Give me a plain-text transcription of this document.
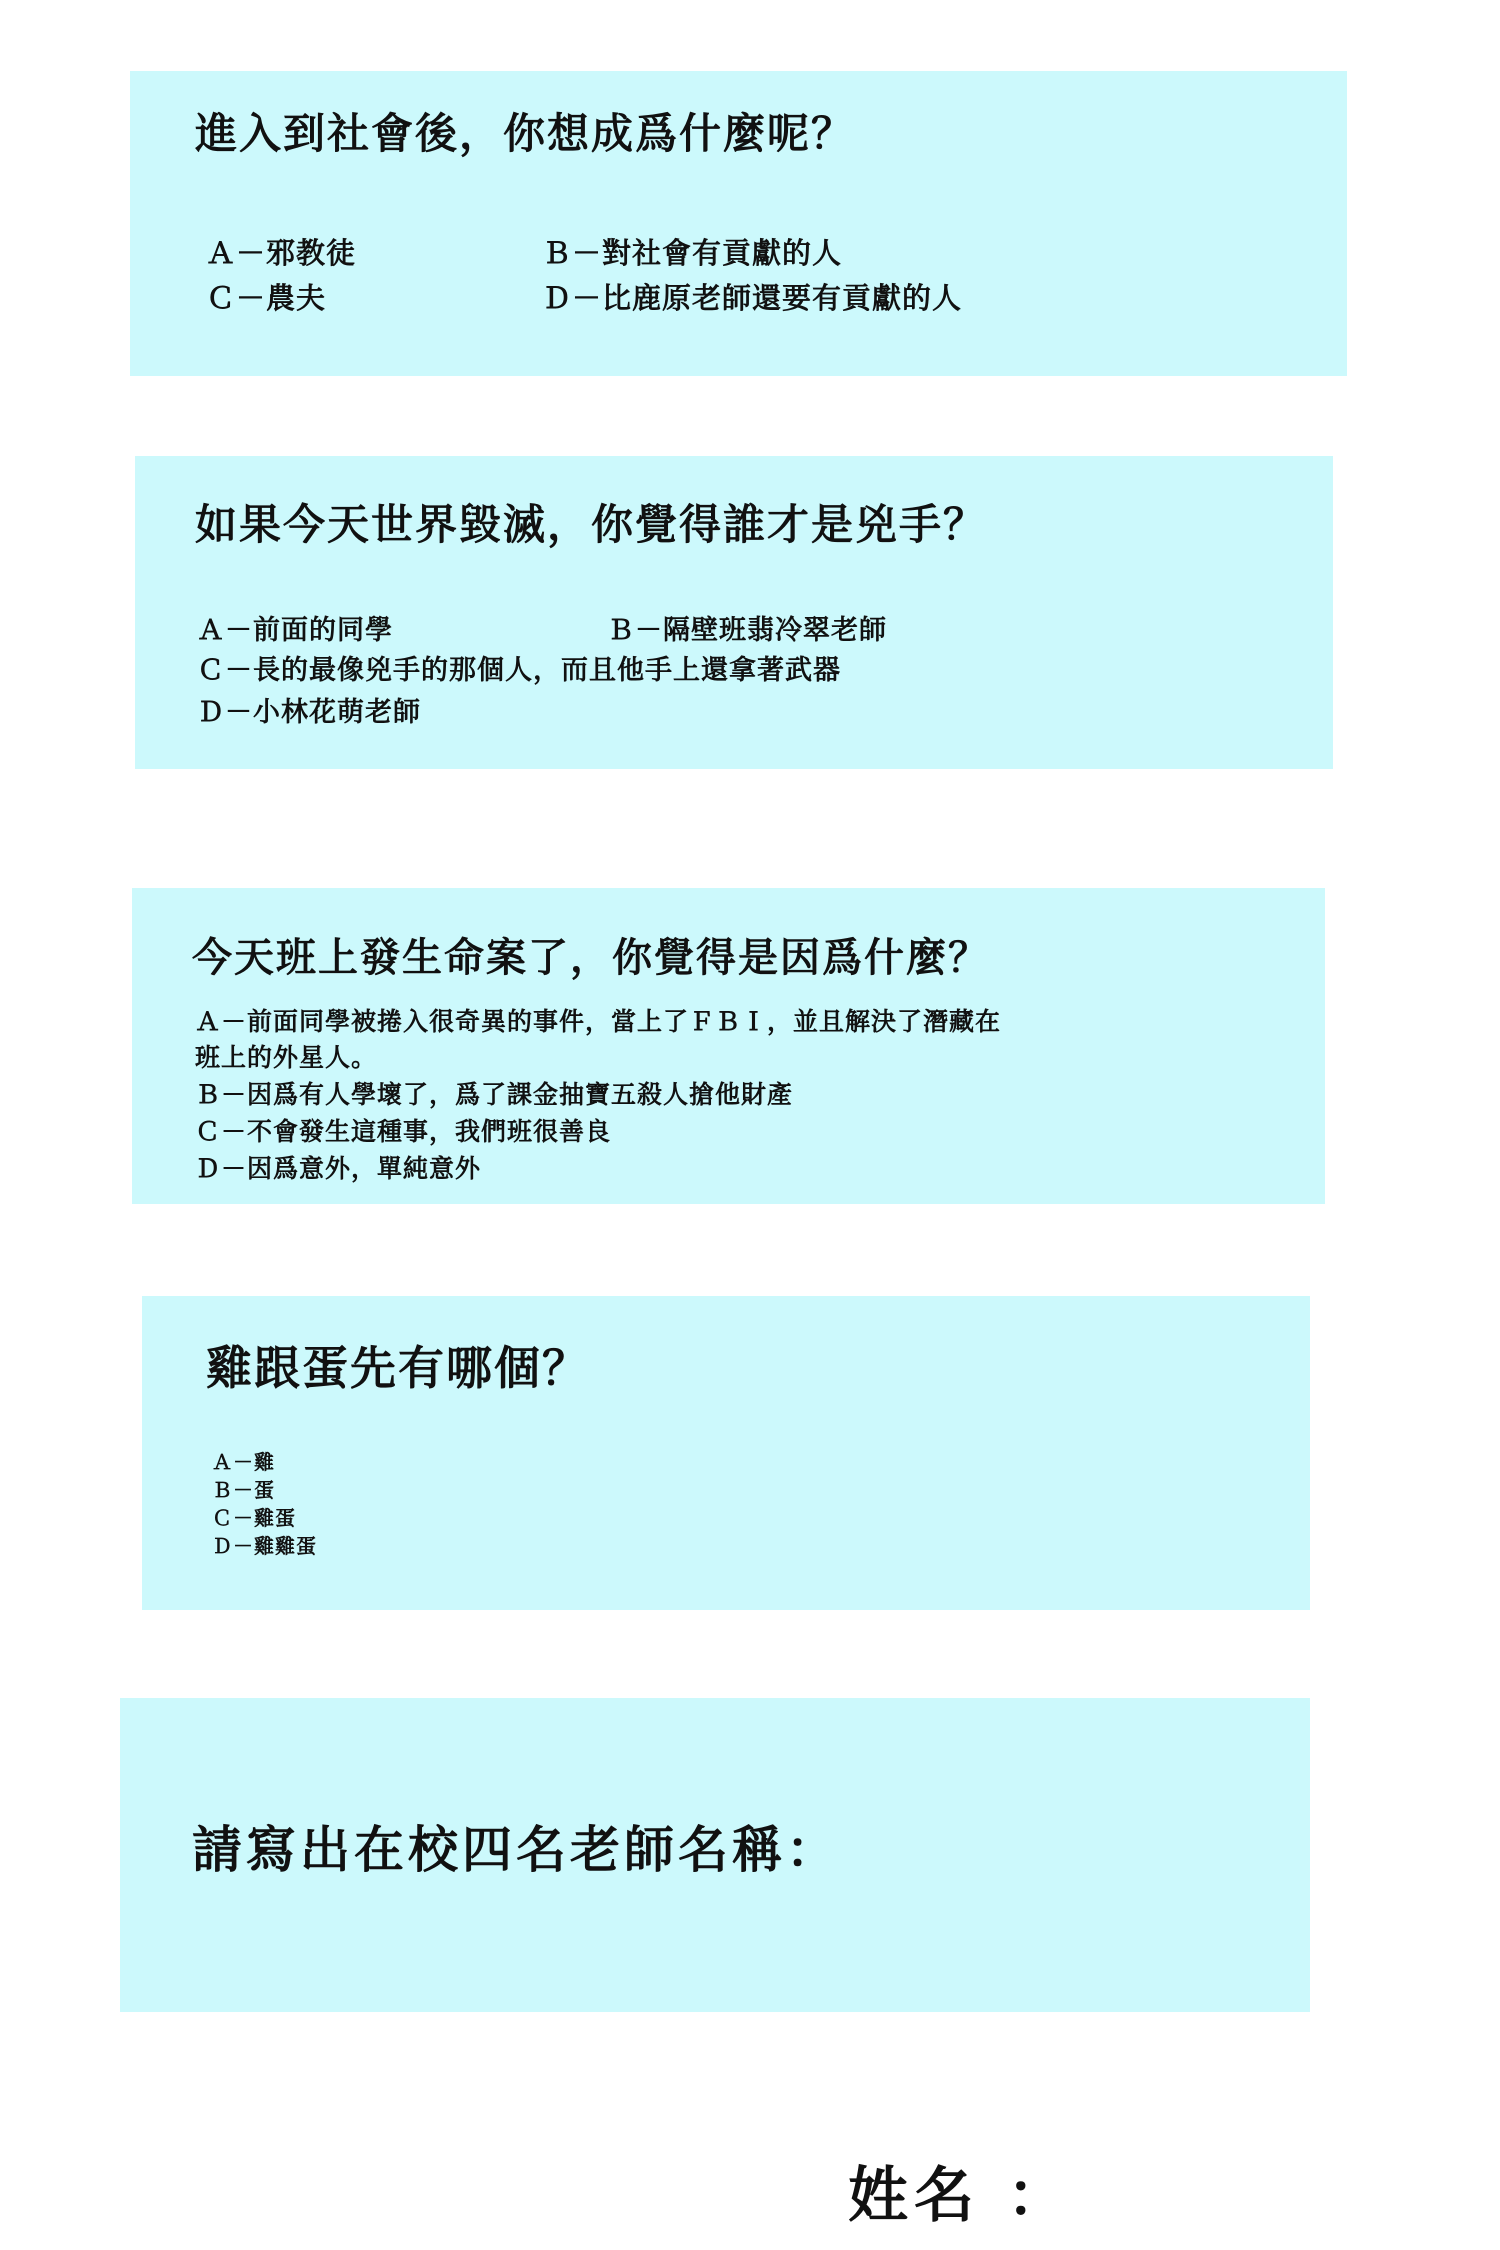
進入到社會後，你想成爲什麼呢？

Ａ－邪教徒	Ｂ－對社會有貢獻的人

Ｃ－農夫	Ｄ－比鹿原老師還要有貢獻的人

如果今天世界毀滅，你覺得誰才是兇手？

Ａ－前面的同學	Ｂ－隔壁班翡冷翠老師

Ｃ－長的最像兇手的那個人，而且他手上還拿著武器

Ｄ－小林花萌老師

今天班上發生命案了，你覺得是因爲什麼？

Ａ－前面同學被捲入很奇異的事件，當上了ＦＢＩ，並且解決了潛藏在

班上的外星人。

Ｂ－因爲有人學壞了，爲了課金抽寶五殺人搶他財產

Ｃ－不會發生這種事，我們班很善良

Ｄ－因爲意外，單純意外

雞跟蛋先有哪個？

Ａ－雞

Ｂ－蛋

Ｃ－雞蛋

Ｄ－雞雞蛋

請寫出在校四名老師名稱：

姓名 ：
